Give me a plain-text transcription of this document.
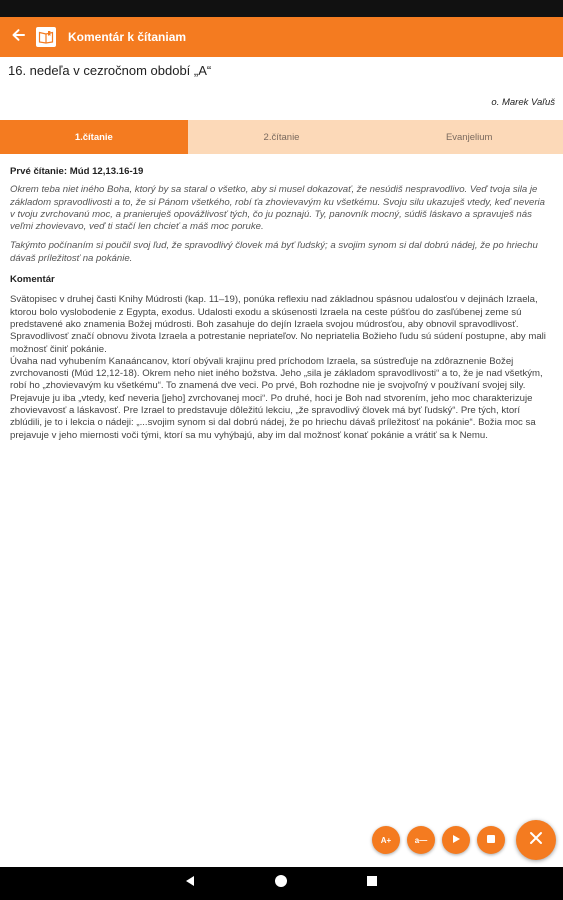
Komentár k čítaniam
16. nedeľa v cezročnom období „A“
o. Marek Vaľuš
1.čítanie	2.čítanie	Evanjelium

Prvé čítanie: Múd 12,13.16-19

Okrem teba niet iného Boha, ktorý by sa staral o všetko, aby si musel dokazovať, že nesúdiš nespravodlivo. Veď tvoja sila je základom spravodlivosti a to, že si Pánom všetkého, robí ťa zhovievavým ku všetkému. Svoju silu ukazuješ vtedy, keď neveria v tvoju zvrchovanú moc, a pranieruješ opovážlivosť tých, čo ju poznajú. Ty, panovník mocný, súdiš láskavo a spravuješ nás veľmi zhovievavo, veď ti stačí len chcieť a máš moc poruke.

Takýmto počínaním si poučil svoj ľud, že spravodlivý človek má byť ľudský; a svojim synom si dal dobrú nádej, že po hriechu dávaš príležitosť na pokánie.

Komentár

Svätopisec v druhej časti Knihy Múdrosti (kap. 11–19), ponúka reflexiu nad základnou spásnou udalosťou v dejinách Izraela, ktorou bolo vyslobodenie z Egypta, exodus. Udalosti exodu a skúsenosti Izraela na ceste púšťou do zasľúbenej zeme sú predstavené ako znamenia Božej múdrosti. Boh zasahuje do dejín Izraela svojou múdrosťou, aby obnovil spravodlivosť. Spravodlivosť značí obnovu života Izraela a potrestanie nepriateľov. No nepriatelia Božieho ľudu sú súdení postupne, aby mali možnosť činiť pokánie.

Úvaha nad vyhubením Kanaáncanov, ktorí obývali krajinu pred príchodom Izraela, sa sústreďuje na zdôraznenie Božej zvrchovanosti (Múd 12,12-18). Okrem neho niet iného božstva. Jeho „sila je základom spravodlivosti“ a to, že je nad všetkým, robí ho „zhovievavým ku všetkému“. To znamená dve veci. Po prvé, Boh rozhodne nie je svojvoľný v používaní svojej sily. Prejavuje ju iba „vtedy, keď neveria [jeho] zvrchovanej moci“. Po druhé, hoci je Boh nad stvorením, jeho moc charakterizuje zhovievavosť a láskavosť. Pre Izrael to predstavuje dôležitú lekciu, „že spravodlivý človek má byť ľudský“. Pre tých, ktorí zblúdili, je to i lekcia o nádeji: „...svojim synom si dal dobrú nádej, že po hriechu dávaš príležitosť na pokánie“. Božia moc sa prejavuje v jeho miernosti voči tými, ktorí sa mu vyhýbajú, aby im dal možnosť konať pokánie a vrátiť sa k Nemu.

A+	a—
